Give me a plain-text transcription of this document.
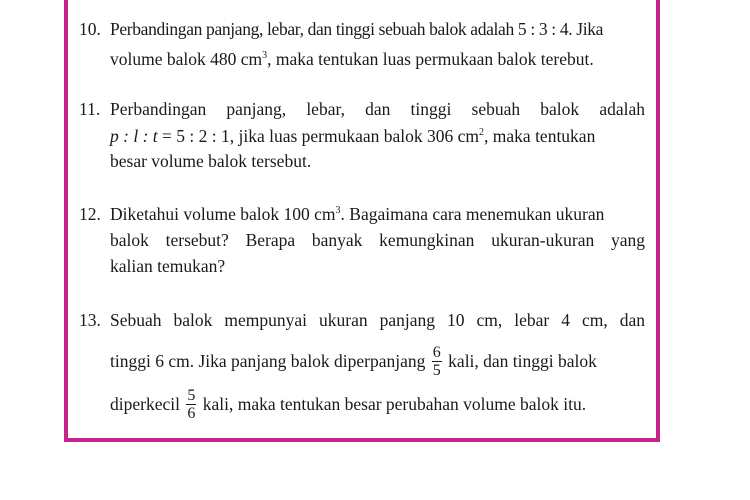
10. Perbandingan panjang, lebar, dan tinggi sebuah balok adalah 5 : 3 : 4. Jika
volume balok 480 $cm^3$, maka tentukan luas permukaan balok terebut.
11. Perbandingan panjang, lebar, dan tinggi sebuah balok adalah
p : l : t = 5 : 2 : 1, jika luas permukaan balok 306 $cm^2$, maka tentukan
besar volume balok tersebut.
12. Diketahui volume balok 100 $cm^3$. Bagaimana cara menemukan ukuran
balok tersebut? Berapa banyak kemungkinan ukuran-ukuran yang
kalian temukan?
13. Sebuah balok mempunyai ukuran panjang 10 cm, lebar 4 cm, dan
tinggi 6 cm. Jika panjang balok diperpanjang $\frac{6}{5}$ kali, dan tinggi balok
diperkecil $\frac{5}{6}$ kali, maka tentukan besar perubahan volume balok itu.
